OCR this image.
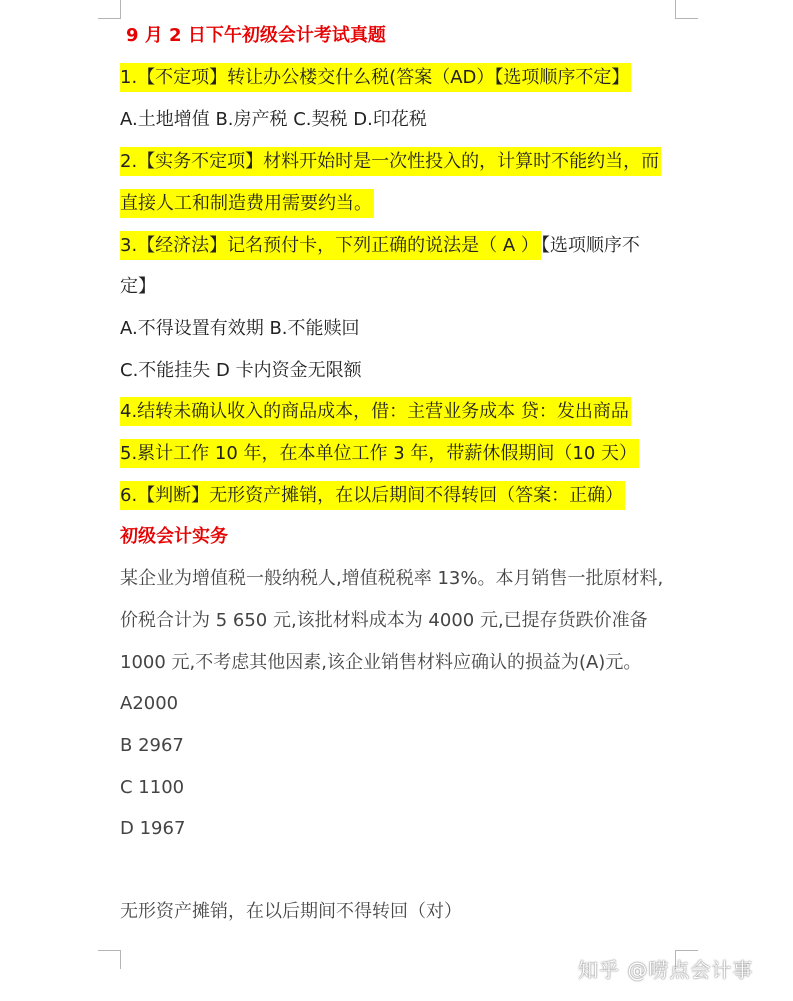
9 月 2 日下午初级会计考试真题
1.【不定项】转让办公楼交什么税(答案（AD）【选项顺序不定】
A.土地增值 B.房产税 C.契税 D.印花税
2.【实务不定项】材料开始时是一次性投入的，计算时不能约当，而
直接人工和制造费用需要约当。
3.【经济法】记名预付卡，下列正确的说法是（ A ） 【选项顺序不
定】
A.不得设置有效期 B.不能赎回
C.不能挂失 D 卡内资金无限额
4.结转未确认收入的商品成本，借：主营业务成本 贷：发出商品
5.累计工作 10 年，在本单位工作 3 年，带薪休假期间（10 天）
6.【判断】无形资产摊销，在以后期间不得转回（答案：正确）
初级会计实务
某企业为增值税一般纳税人,增值税税率 13%。本月销售一批原材料,
价税合计为 5 650 元,该批材料成本为 4000 元,已提存货跌价准备
1000 元,不考虑其他因素,该企业销售材料应确认的损益为(A)元。
A2000
B 2967
C 1100
D 1967
无形资产摊销，在以后期间不得转回（对）
知乎 @唠点会计事
